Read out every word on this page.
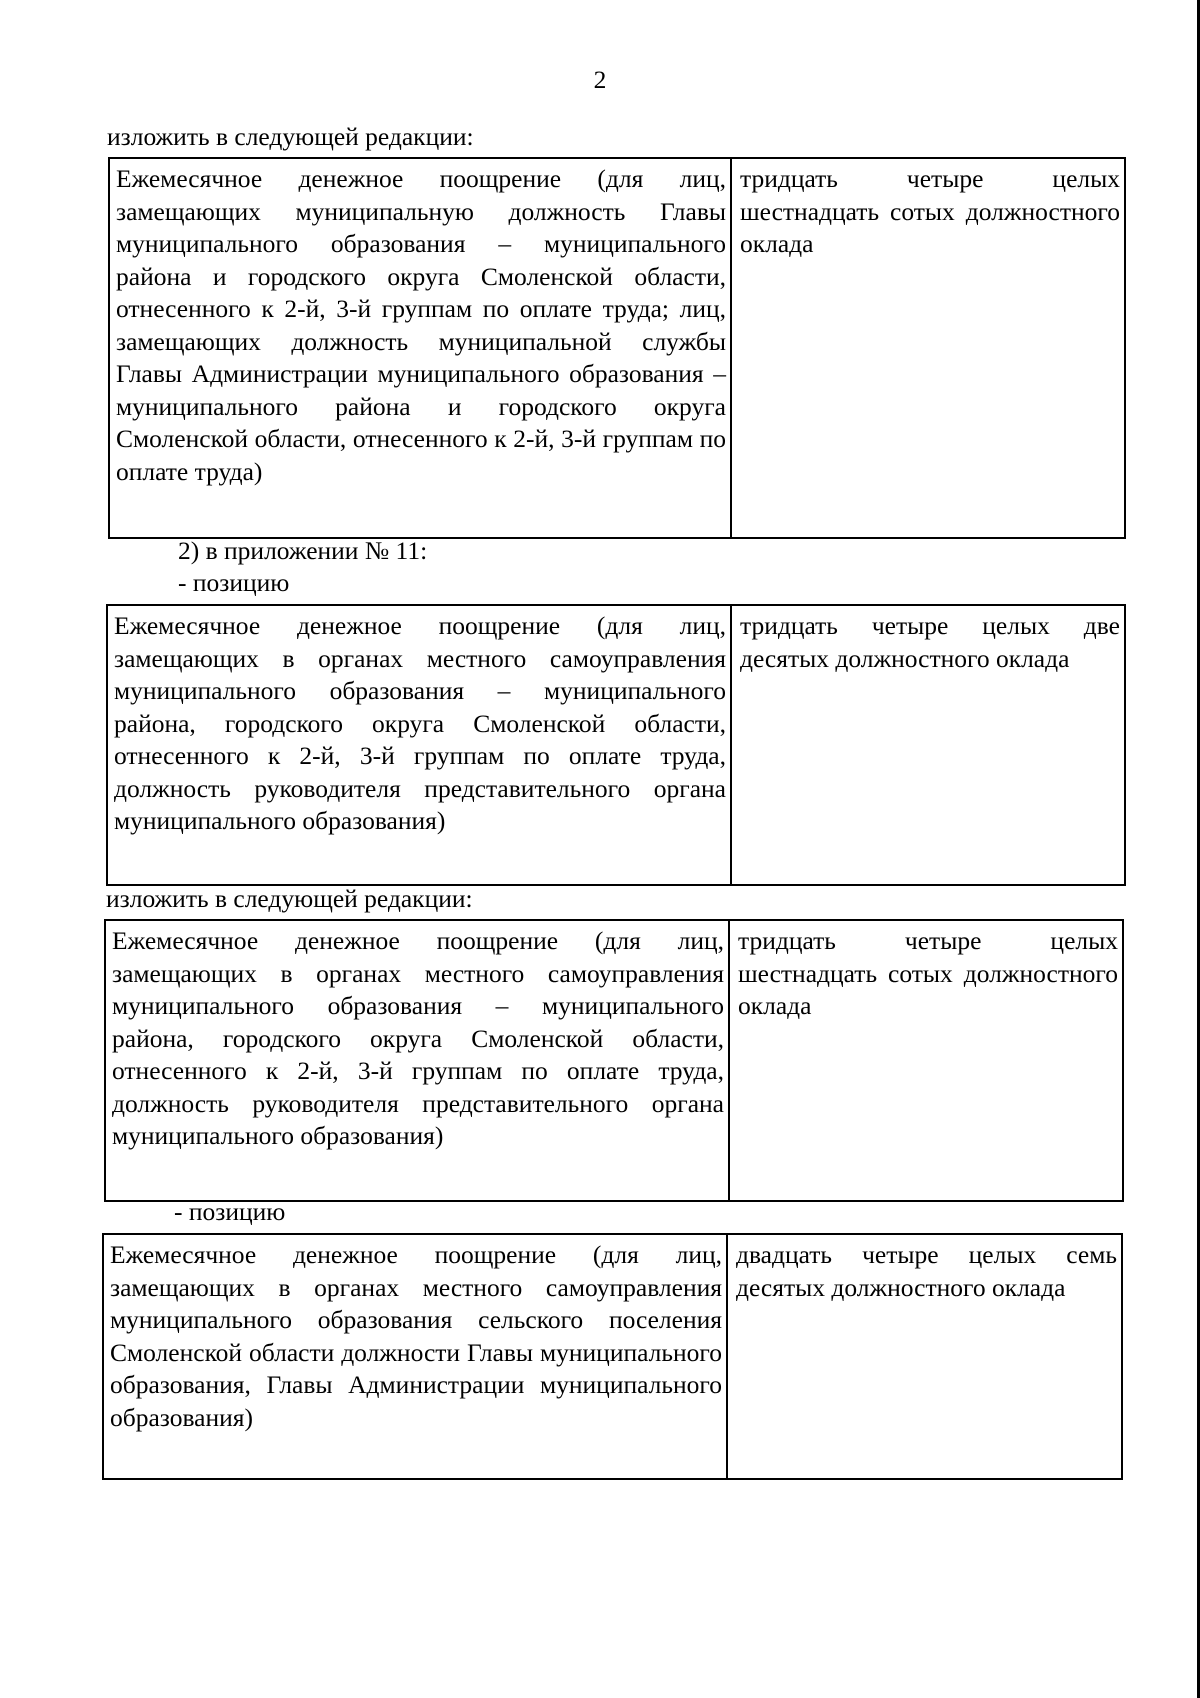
2
изложить в следующей редакции:
Ежемесячное денежное поощрение (для лиц, замещающих муниципальную должность Главы муниципального образования – муниципального района и городского округа Смоленской области, отнесенного к 2-й, 3-й группам по оплате труда; лиц, замещающих должность муниципальной службы Главы Администрации муниципального образования – муниципального района и городского округа Смоленской области, отнесенного к 2-й, 3-й группам по оплате труда)
тридцать четыре целых шестнадцать сотых должностного оклада
2) в приложении № 11:
- позицию
Ежемесячное денежное поощрение (для лиц, замещающих в органах местного самоуправления муниципального образования – муниципального района, городского округа Смоленской области, отнесенного к 2-й, 3-й группам по оплате труда, должность руководителя представительного органа муниципального образования)
тридцать четыре целых две десятых должностного оклада
изложить в следующей редакции:
Ежемесячное денежное поощрение (для лиц, замещающих в органах местного самоуправления муниципального образования – муниципального района, городского округа Смоленской области, отнесенного к 2-й, 3-й группам по оплате труда, должность руководителя представительного органа муниципального образования)
тридцать четыре целых шестнадцать сотых должностного оклада
- позицию
Ежемесячное денежное поощрение (для лиц, замещающих в органах местного самоуправления муниципального образования сельского поселения Смоленской области должности Главы муниципального образования, Главы Администрации муниципального образования)
двадцать четыре целых семь десятых должностного оклада
